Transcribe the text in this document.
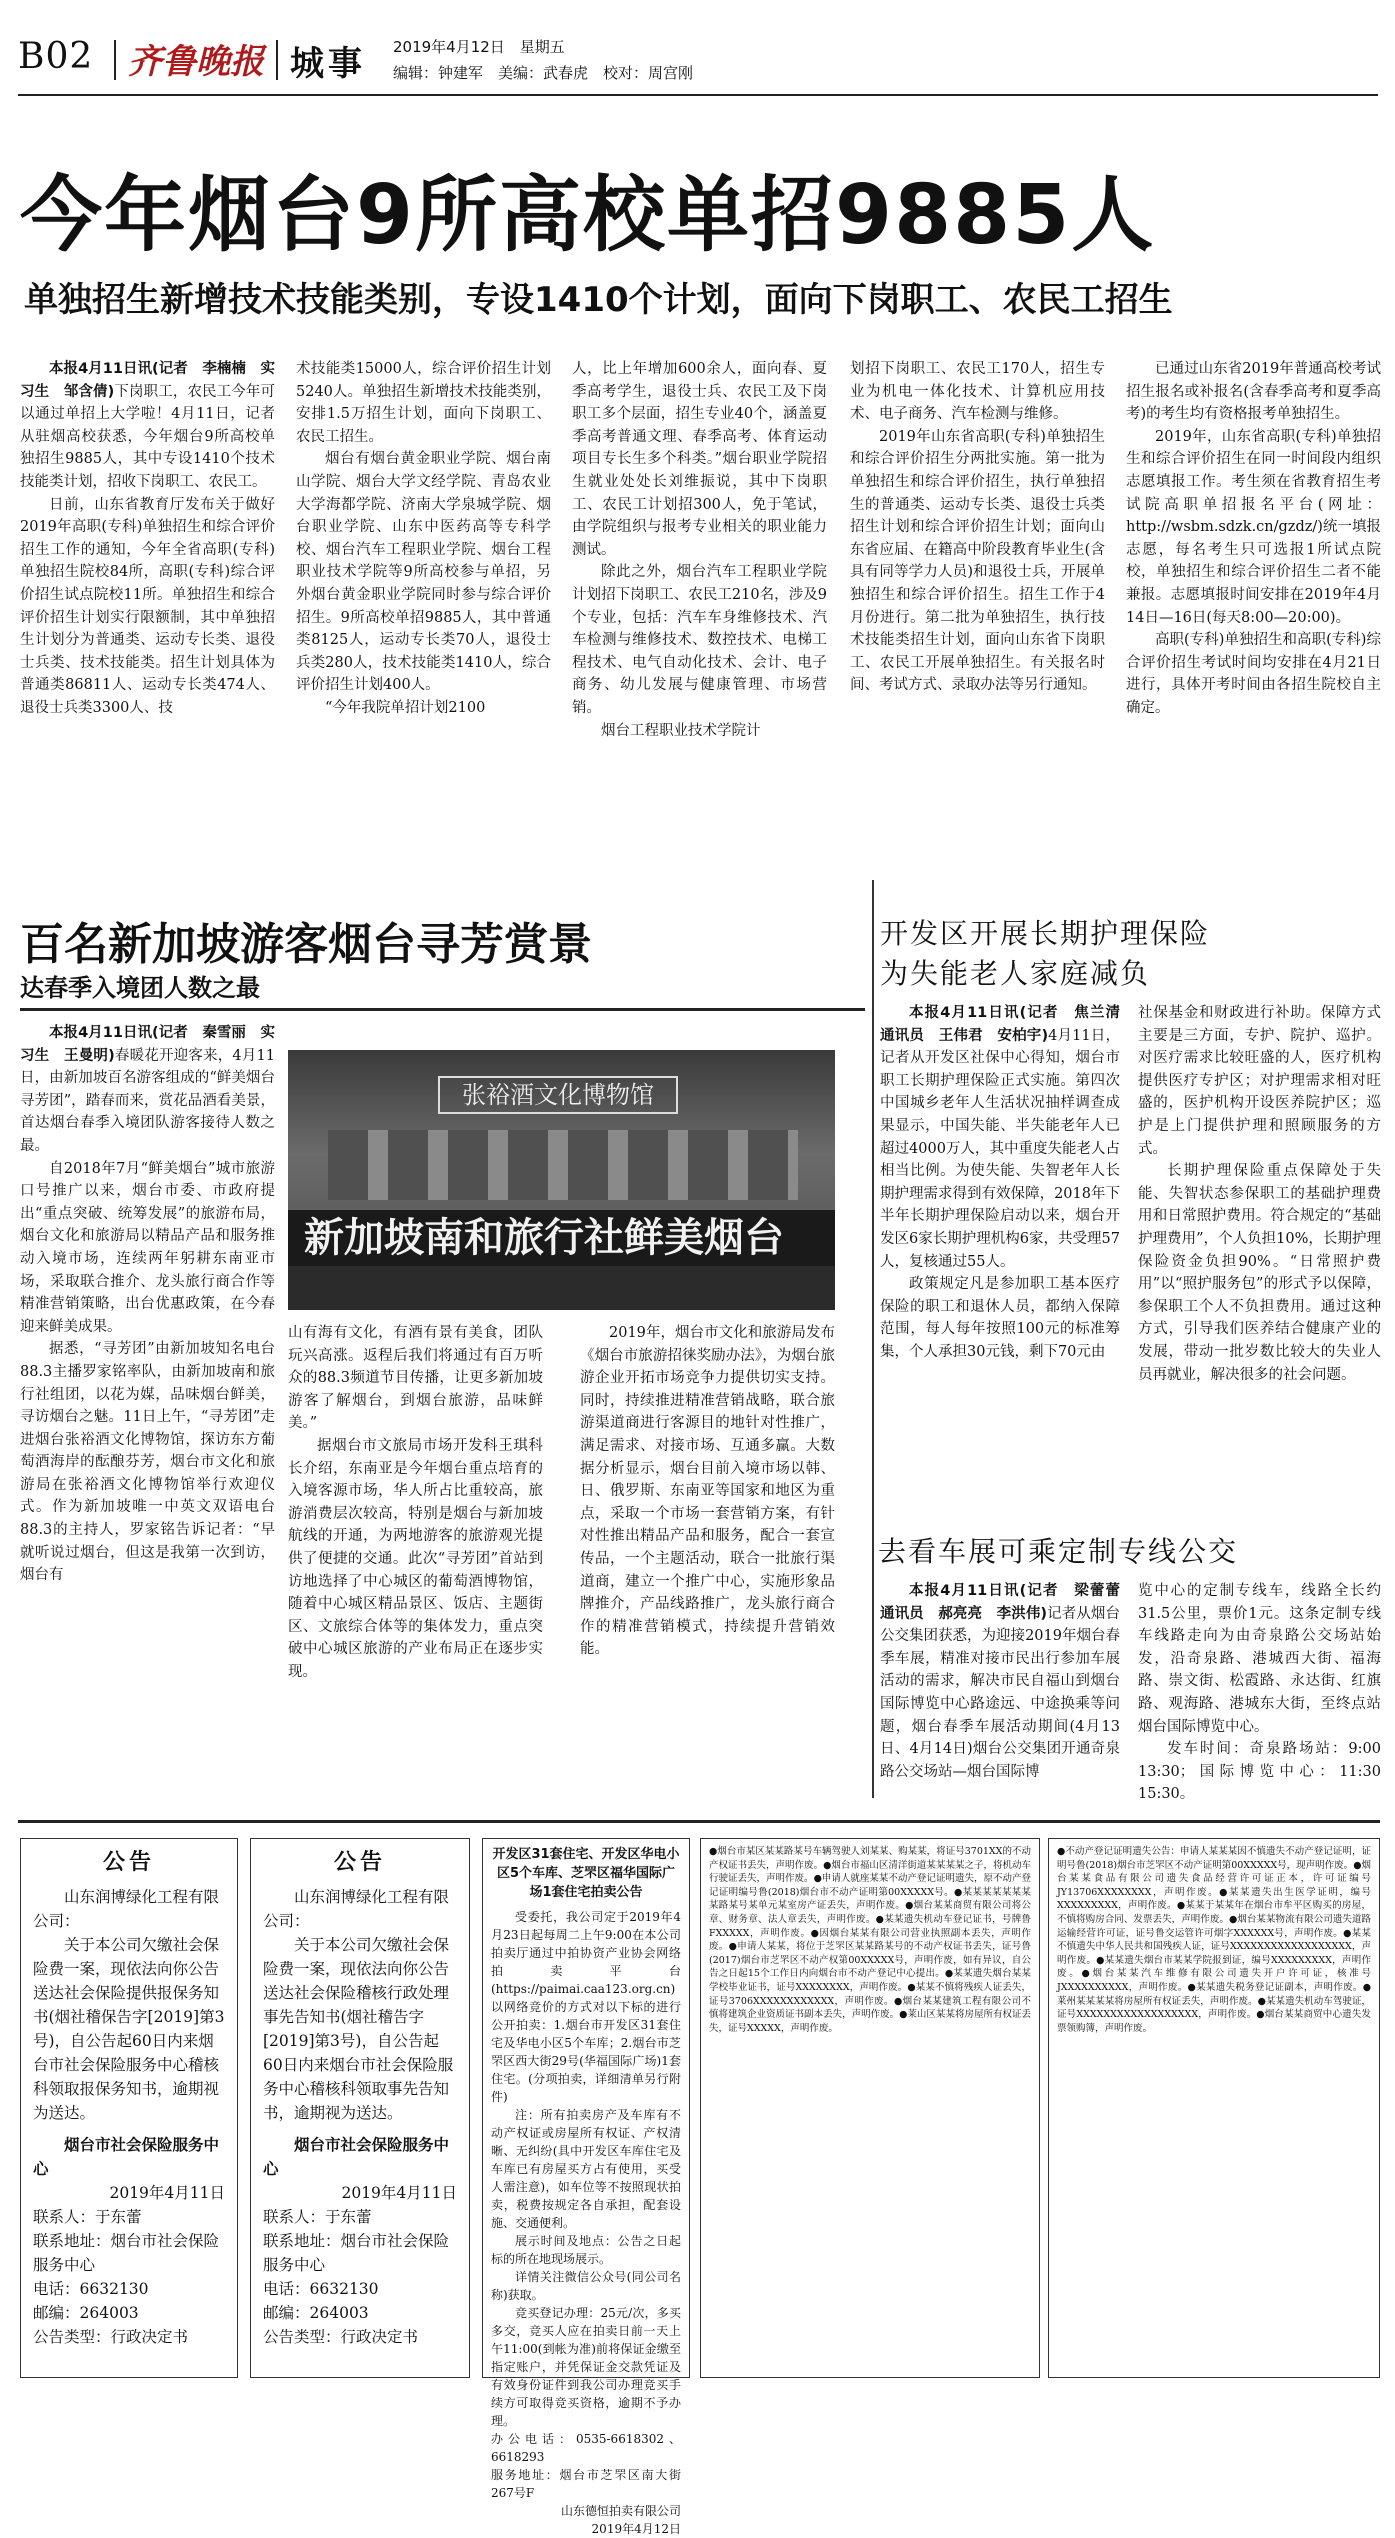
B02 齐鲁晚报 城事 2019年4月12日　星期五
编辑：钟建军　美编：武春虎　校对：周宫刚
今年烟台9所高校单招9885人
单独招生新增技术技能类别，专设1410个计划，面向下岗职工、农民工招生

本报4月11日讯(记者　李楠楠　实习生　邹含倩)下岗职工，农民工今年可以通过单招上大学啦！4月11日，记者从驻烟高校获悉，今年烟台9所高校单独招生9885人，其中专设1410个技术技能类计划，招收下岗职工、农民工。

日前，山东省教育厅发布关于做好2019年高职(专科)单独招生和综合评价招生工作的通知，今年全省高职(专科)单独招生院校84所，高职(专科)综合评价招生试点院校11所。单独招生和综合评价招生计划实行限额制，其中单独招生计划分为普通类、运动专长类、退役士兵类、技术技能类。招生计划具体为普通类86811人、运动专长类474人、退役士兵类3300人、技

术技能类15000人，综合评价招生计划5240人。单独招生新增技术技能类别，安排1.5万招生计划，面向下岗职工、农民工招生。

烟台有烟台黄金职业学院、烟台南山学院、烟台大学文经学院、青岛农业大学海都学院、济南大学泉城学院、烟台职业学院、山东中医药高等专科学校、烟台汽车工程职业学院、烟台工程职业技术学院等9所高校参与单招，另外烟台黄金职业学院同时参与综合评价招生。9所高校单招9885人，其中普通类8125人，运动专长类70人，退役士兵类280人，技术技能类1410人，综合评价招生计划400人。

“今年我院单招计划2100

人，比上年增加600余人，面向春、夏季高考学生，退役士兵、农民工及下岗职工多个层面，招生专业40个，涵盖夏季高考普通文理、春季高考、体育运动项目专长生多个科类。”烟台职业学院招生就业处处长刘维振说，其中下岗职工、农民工计划招300人，免于笔试，由学院组织与报考专业相关的职业能力测试。

除此之外，烟台汽车工程职业学院计划招下岗职工、农民工210名，涉及9个专业，包括：汽车车身维修技术、汽车检测与维修技术、数控技术、电梯工程技术、电气自动化技术、会计、电子商务、幼儿发展与健康管理、市场营销。

烟台工程职业技术学院计

划招下岗职工、农民工170人，招生专业为机电一体化技术、计算机应用技术、电子商务、汽车检测与维修。

2019年山东省高职(专科)单独招生和综合评价招生分两批实施。第一批为单独招生和综合评价招生，执行单独招生的普通类、运动专长类、退役士兵类招生计划和综合评价招生计划；面向山东省应届、在籍高中阶段教育毕业生(含具有同等学力人员)和退役士兵，开展单独招生和综合评价招生。招生工作于4月份进行。第二批为单独招生，执行技术技能类招生计划，面向山东省下岗职工、农民工开展单独招生。有关报名时间、考试方式、录取办法等另行通知。

已通过山东省2019年普通高校考试招生报名或补报名(含春季高考和夏季高考)的考生均有资格报考单独招生。

2019年，山东省高职(专科)单独招生和综合评价招生在同一时间段内组织志愿填报工作。考生须在省教育招生考试院高职单招报名平台(网址：http://wsbm.sdzk.cn/gzdz/)统一填报志愿，每名考生只可选报1所试点院校，单独招生和综合评价招生二者不能兼报。志愿填报时间安排在2019年4月14日—16日(每天8:00—20:00)。

高职(专科)单独招生和高职(专科)综合评价招生考试时间均安排在4月21日进行，具体开考时间由各招生院校自主确定。

百名新加坡游客烟台寻芳赏景
达春季入境团人数之最

本报4月11日讯(记者　秦雪丽　实习生　王曼明)春暖花开迎客来，4月11日，由新加坡百名游客组成的“鲜美烟台寻芳团”，踏春而来，赏花品酒看美景，首达烟台春季入境团队游客接待人数之最。

自2018年7月“鲜美烟台”城市旅游口号推广以来，烟台市委、市政府提出“重点突破、统筹发展”的旅游布局，烟台文化和旅游局以精品产品和服务推动入境市场，连续两年躬耕东南亚市场，采取联合推介、龙头旅行商合作等精准营销策略，出台优惠政策，在今春迎来鲜美成果。

据悉，“寻芳团”由新加坡知名电台88.3主播罗家铭率队，由新加坡南和旅行社组团，以花为媒，品味烟台鲜美，寻访烟台之魅。11日上午，“寻芳团”走进烟台张裕酒文化博物馆，探访东方葡萄酒海岸的酝酿芬芳，烟台市文化和旅游局在张裕酒文化博物馆举行欢迎仪式。作为新加坡唯一中英文双语电台88.3的主持人，罗家铭告诉记者：“早就听说过烟台，但这是我第一次到访，烟台有

张裕酒文化博物馆
新加坡南和旅行社鲜美烟台

山有海有文化，有酒有景有美食，团队玩兴高涨。返程后我们将通过有百万听众的88.3频道节目传播，让更多新加坡游客了解烟台，到烟台旅游，品味鲜美。”

据烟台市文旅局市场开发科王琪科长介绍，东南亚是今年烟台重点培育的入境客源市场，华人所占比重较高，旅游消费层次较高，特别是烟台与新加坡航线的开通，为两地游客的旅游观光提供了便捷的交通。此次“寻芳团”首站到访地选择了中心城区的葡萄酒博物馆，随着中心城区精品景区、饭店、主题街区、文旅综合体等的集体发力，重点突破中心城区旅游的产业布局正在逐步实现。

2019年，烟台市文化和旅游局发布《烟台市旅游招徕奖励办法》，为烟台旅游企业开拓市场竞争力提供切实支持。同时，持续推进精准营销战略，联合旅游渠道商进行客源目的地针对性推广，满足需求、对接市场、互通多赢。大数据分析显示，烟台目前入境市场以韩、日、俄罗斯、东南亚等国家和地区为重点，采取一个市场一套营销方案，有针对性推出精品产品和服务，配合一套宣传品，一个主题活动，联合一批旅行渠道商，建立一个推广中心，实施形象品牌推介，产品线路推广，龙头旅行商合作的精准营销模式，持续提升营销效能。

开发区开展长期护理保险
为失能老人家庭减负

本报4月11日讯(记者　焦兰清　通讯员　王伟君　安柏宇)4月11日，记者从开发区社保中心得知，烟台市职工长期护理保险正式实施。第四次中国城乡老年人生活状况抽样调查成果显示，中国失能、半失能老年人已超过4000万人，其中重度失能老人占相当比例。为使失能、失智老年人长期护理需求得到有效保障，2018年下半年长期护理保险启动以来，烟台开发区6家长期护理机构6家，共受理57人，复核通过55人。

政策规定凡是参加职工基本医疗保险的职工和退休人员，都纳入保障范围，每人每年按照100元的标准筹集，个人承担30元钱，剩下70元由

社保基金和财政进行补助。保障方式主要是三方面，专护、院护、巡护。对医疗需求比较旺盛的人，医疗机构提供医疗专护区；对护理需求相对旺盛的，医护机构开设医养院护区；巡护是上门提供护理和照顾服务的方式。

长期护理保险重点保障处于失能、失智状态参保职工的基础护理费用和日常照护费用。符合规定的“基础护理费用”，个人负担10%，长期护理保险资金负担90%。“日常照护费用”以“照护服务包”的形式予以保障，参保职工个人不负担费用。通过这种方式，引导我们医养结合健康产业的发展，带动一批岁数比较大的失业人员再就业，解决很多的社会问题。

去看车展可乘定制专线公交

本报4月11日讯(记者　梁蕾蕾　通讯员　郝亮亮　李洪伟)记者从烟台公交集团获悉，为迎接2019年烟台春季车展，精准对接市民出行参加车展活动的需求，解决市民自福山到烟台国际博览中心路途远、中途换乘等问题，烟台春季车展活动期间(4月13日、4月14日)烟台公交集团开通奇泉路公交场站—烟台国际博

览中心的定制专线车，线路全长约31.5公里，票价1元。这条定制专线车线路走向为由奇泉路公交场站始发，沿奇泉路、港城西大街、福海路、崇文街、松霞路、永达街、红旗路、观海路、港城东大街，至终点站烟台国际博览中心。

发车时间：奇泉路场站：9:00　13:30；国际博览中心：11:30　15:30。

公告
山东润博绿化工程有限公司：
关于本公司欠缴社会保险费一案，现依法向你公告送达社会保险提供报保务知书(烟社稽保告字[2019]第3号)，自公告起60日内来烟台市社会保险服务中心稽核科领取报保务知书，逾期视为送达。
烟台市社会保险服务中心
2019年4月11日
联系人：于东蕾
联系地址：烟台市社会保险服务中心
电话：6632130
邮编：264003
公告类型：行政决定书
公告
山东润博绿化工程有限公司：
关于本公司欠缴社会保险费一案，现依法向你公告送达社会保险稽核行政处理事先告知书(烟社稽告字[2019]第3号)，自公告起60日内来烟台市社会保险服务中心稽核科领取事先告知书，逾期视为送达。
烟台市社会保险服务中心
2019年4月11日
联系人：于东蕾
联系地址：烟台市社会保险服务中心
电话：6632130
邮编：264003
公告类型：行政决定书
开发区31套住宅、开发区华电小区5个车库、芝罘区福华国际广场1套住宅拍卖公告
受委托，我公司定于2019年4月23日起每周二上午9:00在本公司拍卖厅通过中拍协资产业协会网络拍卖平台(https://paimai.caa123.org.cn)以网络竞价的方式对以下标的进行公开拍卖：1.烟台市开发区31套住宅及华电小区5个车库；2.烟台市芝罘区西大街29号(华福国际广场)1套住宅。(分项拍卖，详细清单另行附件)
注：所有拍卖房产及车库有不动产权证或房屋所有权证、产权清晰、无纠纷(具中开发区车库住宅及车库已有房屋买方占有使用，买受人需注意)，如车位等不按照现状拍卖，税费按规定各自承担，配套设施、交通便利。
展示时间及地点：公告之日起标的所在地现场展示。
详情关注微信公众号(同公司名称)获取。
竞买登记办理：25元/次，多买多交，竞买人应在拍卖日前一天上午11:00(到帐为准)前将保证金缴至指定账户，并凭保证金交款凭证及有效身份证件到我公司办理竞买手续方可取得竞买资格，逾期不予办理。
办公电话：0535-6618302、6618293
服务地址：烟台市芝罘区南大街267号F
山东德恒拍卖有限公司
2019年4月12日
●烟台市某区某某路某号车辆驾驶人刘某某、购某某，将证号3701XX的不动产权证书丢失，声明作废。●烟台市福山区清洋街道某某某某之子，将机动车行驶证丢失，声明作废。●申请人就座某某不动产登记证明遗失，原不动产登记证明编号鲁(2018)烟台市不动产证明第00XXXXX号。●某某某某某某某某路某号某单元某室房产证丢失，声明作废。●烟台某某商贸有限公司将公章、财务章、法人章丢失，声明作废。●某某遗失机动车登记证书，号牌鲁FXXXXX，声明作废。●因烟台某某有限公司营业执照副本丢失，声明作废。●申请人某某，将位于芝罘区某某路某号的不动产权证书丢失，证号鲁(2017)烟台市芝罘区不动产权第00XXXXX号，声明作废，如有异议，自公告之日起15个工作日内向烟台市不动产登记中心提出。●某某遗失烟台某某学校毕业证书，证号XXXXXXXX，声明作废。●某某不慎将残疾人证丢失，证号3706XXXXXXXXXXXX，声明作废。●烟台某某建筑工程有限公司不慎将建筑企业资质证书副本丢失，声明作废。●莱山区某某将房屋所有权证丢失，证号XXXXX，声明作废。
●不动产登记证明遗失公告：申请人某某某因不慎遗失不动产登记证明，证明号鲁(2018)烟台市芝罘区不动产证明第00XXXXX号，现声明作废。●烟台某某食品有限公司遗失食品经营许可证正本，许可证编号JY13706XXXXXXXX，声明作废。●某某遗失出生医学证明，编号XXXXXXXXX，声明作废。●某某于某某年在烟台市牟平区购买的房屋，不慎将购房合同、发票丢失，声明作废。●烟台某某物流有限公司遗失道路运输经营许可证，证号鲁交运管许可烟字XXXXXX号，声明作废。●某某不慎遗失中华人民共和国残疾人证，证号XXXXXXXXXXXXXXXXXX，声明作废。●某某遗失烟台市某某学院报到证，编号XXXXXXXXX，声明作废。●烟台某某汽车维修有限公司遗失开户许可证，核准号JXXXXXXXXXX，声明作废。●某某遗失税务登记证副本，声明作废。●莱州某某某某将房屋所有权证丢失，声明作废。●某某遗失机动车驾驶证，证号XXXXXXXXXXXXXXXXXX，声明作废。●烟台某某商贸中心遗失发票领购簿，声明作废。
